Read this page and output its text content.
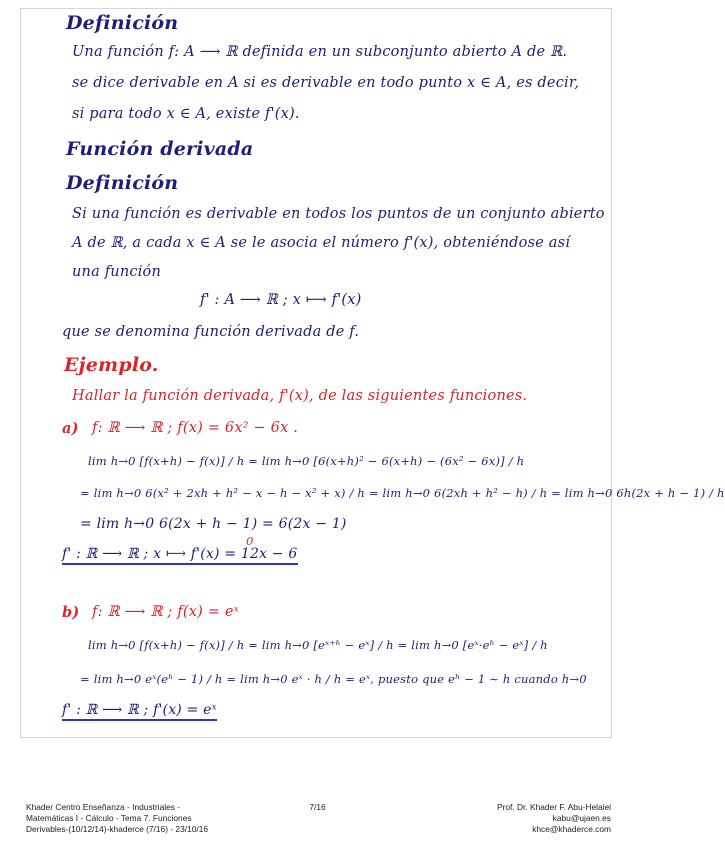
Definición
Una función f: A ⟶ ℝ definida en un subconjunto abierto A de ℝ.
se dice derivable en A si es derivable en todo punto x ∈ A, es decir,
si para todo x ∈ A, existe f'(x).
Función derivada
Definición
Si una función es derivable en todos los puntos de un conjunto abierto
A de ℝ, a cada x ∈ A se le asocia el número f'(x), obteniéndose así
una función
f' : A ⟶ ℝ ; x ⟼ f'(x)
que se denomina función derivada de f.
Ejemplo.
Hallar la función derivada, f'(x), de las siguientes funciones.
a) f: ℝ ⟶ ℝ ; f(x) = 6x² − 6x .
lim h→0 [f(x+h) − f(x)] / h = lim h→0 [6(x+h)² − 6(x+h) − (6x² − 6x)] / h
= lim h→0 6(x² + 2xh + h² − x − h − x² + x) / h = lim h→0 6(2xh + h² − h) / h = lim h→0 6h(2x + h − 1) / h
= lim h→0 6(2x + h − 1) = 6(2x − 1)
0
f' : ℝ ⟶ ℝ ; x ⟼ f'(x) = 12x − 6
b) f: ℝ ⟶ ℝ ; f(x) = eˣ
lim h→0 [f(x+h) − f(x)] / h = lim h→0 [eˣ⁺ʰ − eˣ] / h = lim h→0 [eˣ·eʰ − eˣ] / h
= lim h→0 eˣ(eʰ − 1) / h = lim h→0 eˣ · h / h = eˣ, puesto que eʰ − 1 ∼ h cuando h→0
f' : ℝ ⟶ ℝ ; f'(x) = eˣ
Khader Centro Enseñanza - Industriales -
Matemáticas I - Cálculo - Tema 7. Funciones
Derivables-(10/12/14)-khaderce (7/16) - 23/10/16
7/16	Prof. Dr. Khader F. Abu-Helaiel
kabu@ujaen.es
khce@khaderce.com
